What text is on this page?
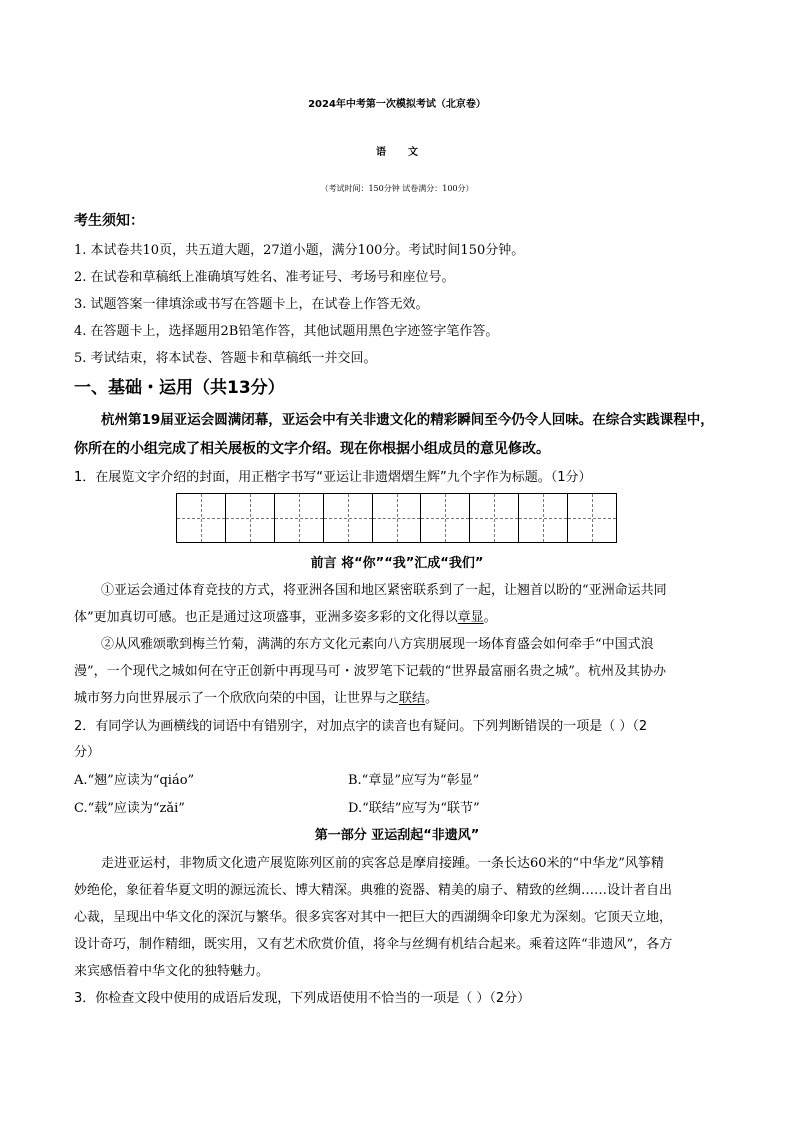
2024年中考第一次模拟考试（北京卷）
语文
（考试时间：150分钟 试卷满分：100分）
考生须知：
1. 本试卷共10页，共五道大题，27道小题，满分100分。考试时间150分钟。
2. 在试卷和草稿纸上准确填写姓名、准考证号、考场号和座位号。
3. 试题答案一律填涂或书写在答题卡上，在试卷上作答无效。
4. 在答题卡上，选择题用2B铅笔作答，其他试题用黑色字迹签字笔作答。
5. 考试结束，将本试卷、答题卡和草稿纸一并交回。
一、基础・运用（共13分）
杭州第19届亚运会圆满闭幕，亚运会中有关非遗文化的精彩瞬间至今仍令人回味。在综合实践课程中，
你所在的小组完成了相关展板的文字介绍。现在你根据小组成员的意见修改。
1．在展览文字介绍的封面，用正楷字书写“亚运让非遗熠熠生辉”九个字作为标题。（1分）
前言 将“你”“我”汇成“我们”
①亚运会通过体育竞技的方式，将亚洲各国和地区紧密联系到了一起，让翘首以盼的“亚洲命运共同
体”更加真切可感。也正是通过这项盛事，亚洲多姿多彩的文化得以章显。
②从风雅颂歌到梅兰竹菊，满满的东方文化元素向八方宾朋展现一场体育盛会如何牵手“中国式浪
漫”，一个现代之城如何在守正创新中再现马可・波罗笔下记载的“世界最富丽名贵之城”。杭州及其协办
城市努力向世界展示了一个欣欣向荣的中国，让世界与之联结。
2．有同学认为画横线的词语中有错别字，对加点字的读音也有疑问。下列判断错误的一项是（ ）（2
分）
A.“翘”应读为“qiáo”	B.“章显”应写为“彰显”
C.“载”应读为“zǎi”	D.“联结”应写为“联节”
第一部分 亚运刮起“非遗风”
走进亚运村，非物质文化遗产展览陈列区前的宾客总是摩肩接踵。一条长达60米的“中华龙”风筝精
妙绝伦，象征着华夏文明的源远流长、博大精深。典雅的瓷器、精美的扇子、精致的丝绸……设计者自出
心裁，呈现出中华文化的深沉与繁华。很多宾客对其中一把巨大的西湖绸伞印象尤为深刻。它顶天立地，
设计奇巧，制作精细，既实用，又有艺术欣赏价值，将伞与丝绸有机结合起来。乘着这阵“非遗风”，各方
来宾感悟着中华文化的独特魅力。
3．你检查文段中使用的成语后发现，下列成语使用不恰当的一项是（ ）（2分）
